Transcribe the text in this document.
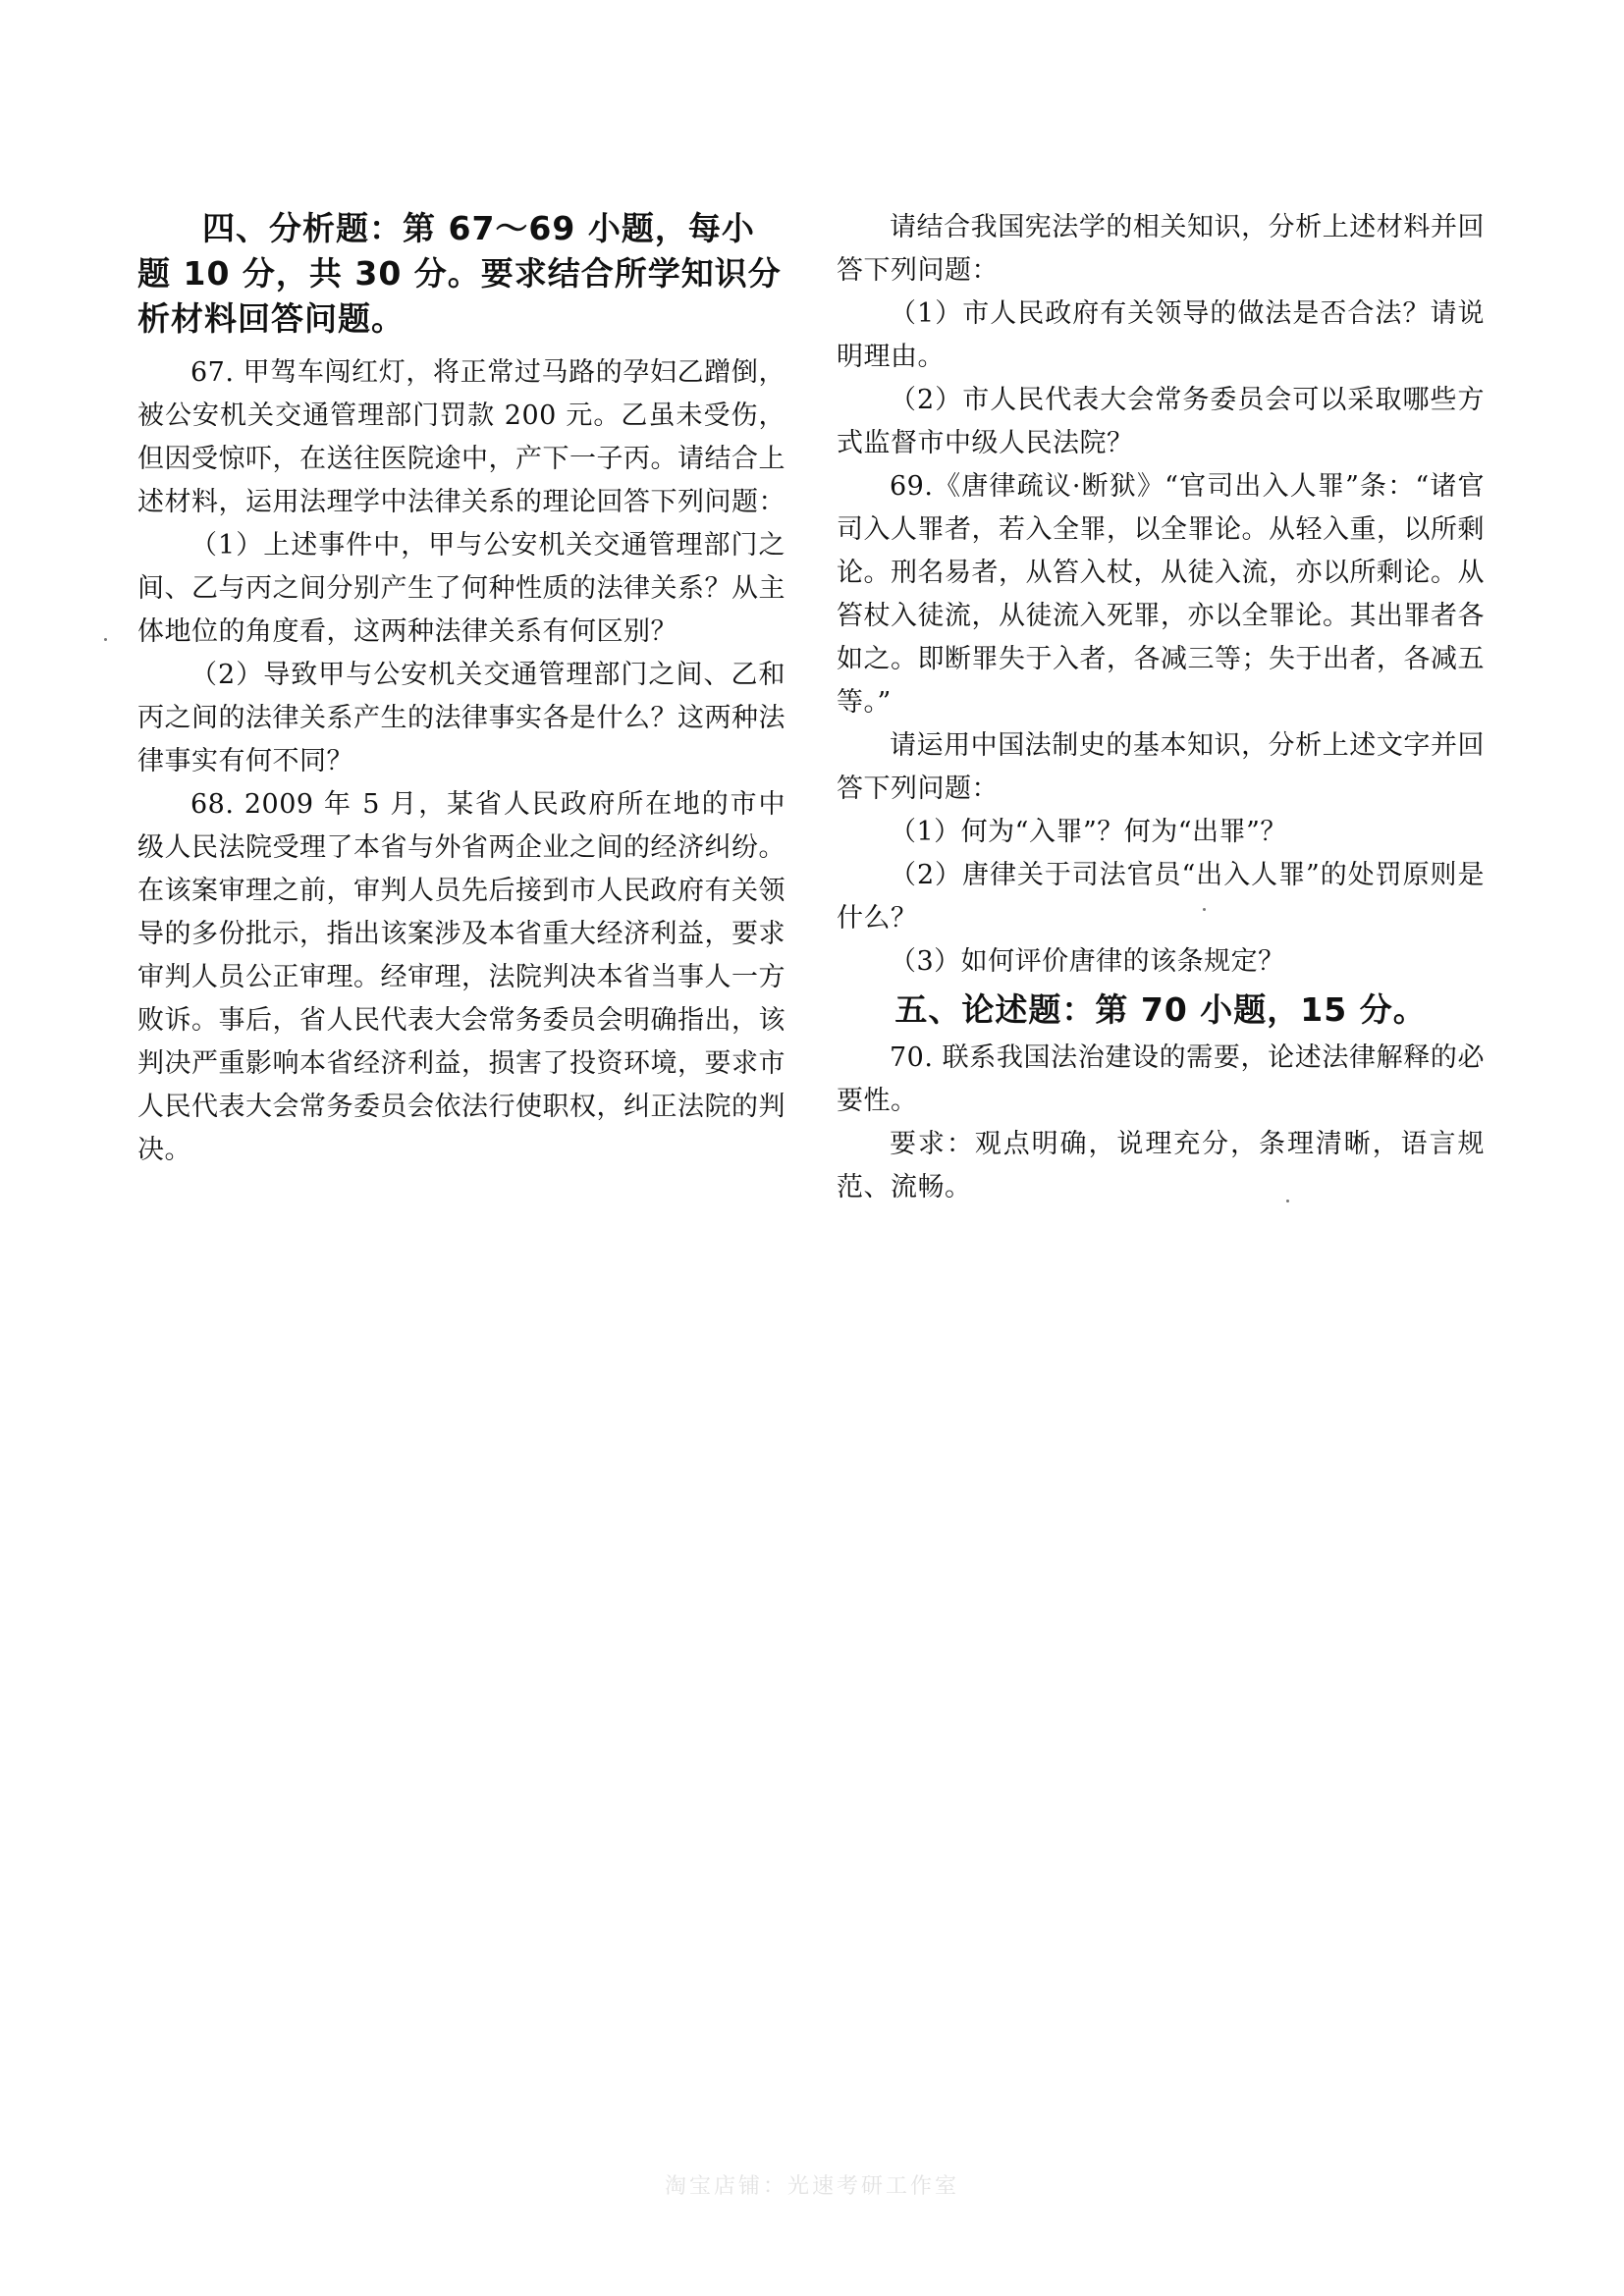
四、分析题：第 67～69 小题，每小题 10 分，共 30 分。要求结合所学知识分析材料回答问题。

67. 甲驾车闯红灯，将正常过马路的孕妇乙蹭倒，被公安机关交通管理部门罚款 200 元。乙虽未受伤，但因受惊吓，在送往医院途中，产下一子丙。请结合上述材料，运用法理学中法律关系的理论回答下列问题：

（1）上述事件中，甲与公安机关交通管理部门之间、乙与丙之间分别产生了何种性质的法律关系？从主体地位的角度看，这两种法律关系有何区别？

（2）导致甲与公安机关交通管理部门之间、乙和丙之间的法律关系产生的法律事实各是什么？这两种法律事实有何不同？

68. 2009 年 5 月，某省人民政府所在地的市中级人民法院受理了本省与外省两企业之间的经济纠纷。在该案审理之前，审判人员先后接到市人民政府有关领导的多份批示，指出该案涉及本省重大经济利益，要求审判人员公正审理。经审理，法院判决本省当事人一方败诉。事后，省人民代表大会常务委员会明确指出，该判决严重影响本省经济利益，损害了投资环境，要求市人民代表大会常务委员会依法行使职权，纠正法院的判决。

请结合我国宪法学的相关知识，分析上述材料并回答下列问题：

（1）市人民政府有关领导的做法是否合法？请说明理由。

（2）市人民代表大会常务委员会可以采取哪些方式监督市中级人民法院？

69.《唐律疏议·断狱》“官司出入人罪”条：“诸官司入人罪者，若入全罪，以全罪论。从轻入重，以所剩论。刑名易者，从笞入杖，从徒入流，亦以所剩论。从笞杖入徒流，从徒流入死罪，亦以全罪论。其出罪者各如之。即断罪失于入者，各减三等；失于出者，各减五等。”

请运用中国法制史的基本知识，分析上述文字并回答下列问题：

（1）何为“入罪”？何为“出罪”？

（2）唐律关于司法官员“出入人罪”的处罚原则是什么？

（3）如何评价唐律的该条规定？

五、论述题：第 70 小题，15 分。

70. 联系我国法治建设的需要，论述法律解释的必要性。

要求：观点明确，说理充分，条理清晰，语言规范、流畅。

淘宝店铺：光速考研工作室
